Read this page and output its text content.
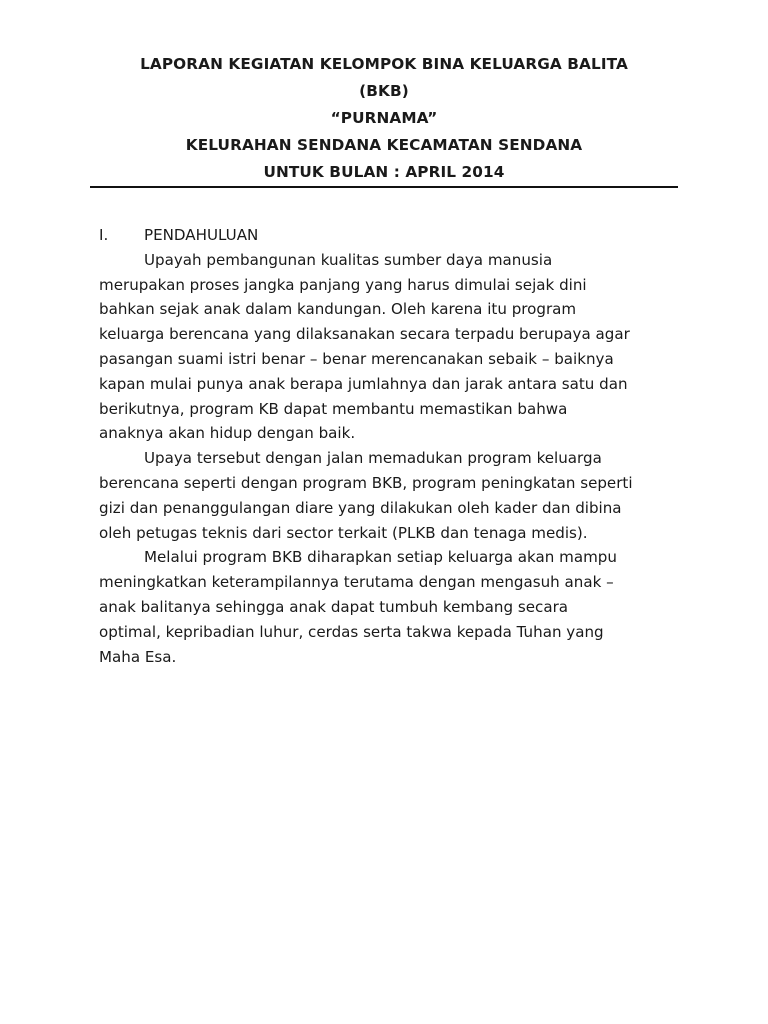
LAPORAN KEGIATAN KELOMPOK BINA KELUARGA BALITA
(BKB)
“PURNAMA”
KELURAHAN SENDANA KECAMATAN SENDANA
UNTUK BULAN : APRIL 2014
I.	PENDAHULUAN
Upayah pembangunan kualitas sumber daya manusia
merupakan proses jangka panjang yang harus dimulai sejak dini
bahkan sejak anak dalam kandungan. Oleh karena itu program
keluarga berencana yang dilaksanakan secara terpadu berupaya agar
pasangan suami istri benar – benar merencanakan sebaik – baiknya
kapan mulai punya anak berapa jumlahnya dan jarak antara satu dan
berikutnya, program KB dapat membantu memastikan bahwa
anaknya akan hidup dengan baik.
Upaya tersebut dengan jalan memadukan program keluarga
berencana seperti dengan program BKB, program peningkatan seperti
gizi dan penanggulangan diare yang dilakukan oleh kader dan dibina
oleh petugas teknis dari sector terkait (PLKB dan tenaga medis).
Melalui program BKB diharapkan setiap keluarga akan mampu
meningkatkan keterampilannya terutama dengan mengasuh anak –
anak balitanya sehingga anak dapat tumbuh kembang secara
optimal, kepribadian luhur, cerdas serta takwa kepada Tuhan yang
Maha Esa.
